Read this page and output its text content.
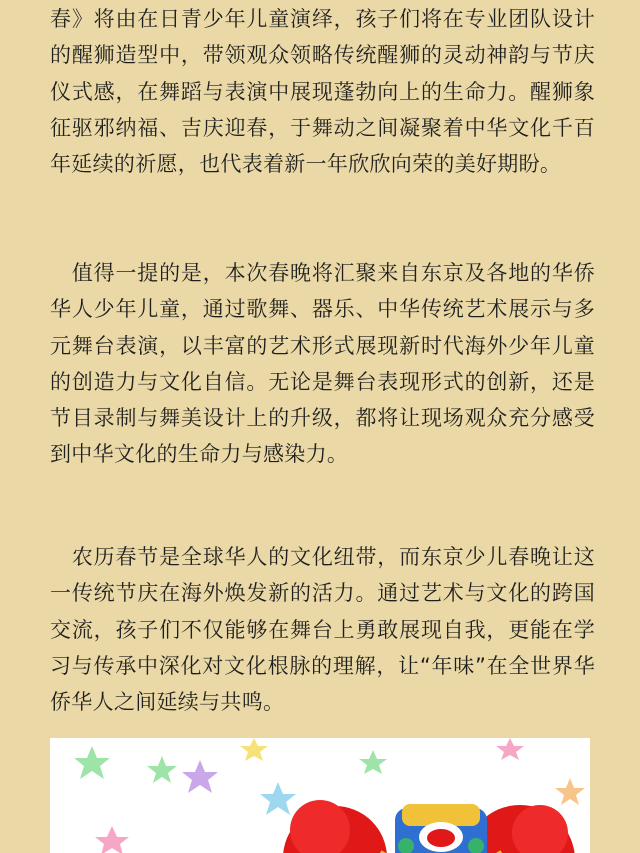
春》将由在日青少年儿童演绎，孩子们将在专业团队设计的醒狮造型中，带领观众领略传统醒狮的灵动神韵与节庆仪式感，在舞蹈与表演中展现蓬勃向上的生命力。醒狮象征驱邪纳福、吉庆迎春，于舞动之间凝聚着中华文化千百年延续的祈愿，也代表着新一年欣欣向荣的美好期盼。

　值得一提的是，本次春晚将汇聚来自东京及各地的华侨华人少年儿童，通过歌舞、器乐、中华传统艺术展示与多元舞台表演，以丰富的艺术形式展现新时代海外少年儿童的创造力与文化自信。无论是舞台表现形式的创新，还是节目录制与舞美设计上的升级，都将让现场观众充分感受到中华文化的生命力与感染力。

　农历春节是全球华人的文化纽带，而东京少儿春晚让这一传统节庆在海外焕发新的活力。通过艺术与文化的跨国交流，孩子们不仅能够在舞台上勇敢展现自我，更能在学习与传承中深化对文化根脉的理解，让“年味”在全世界华侨华人之间延续与共鸣。
